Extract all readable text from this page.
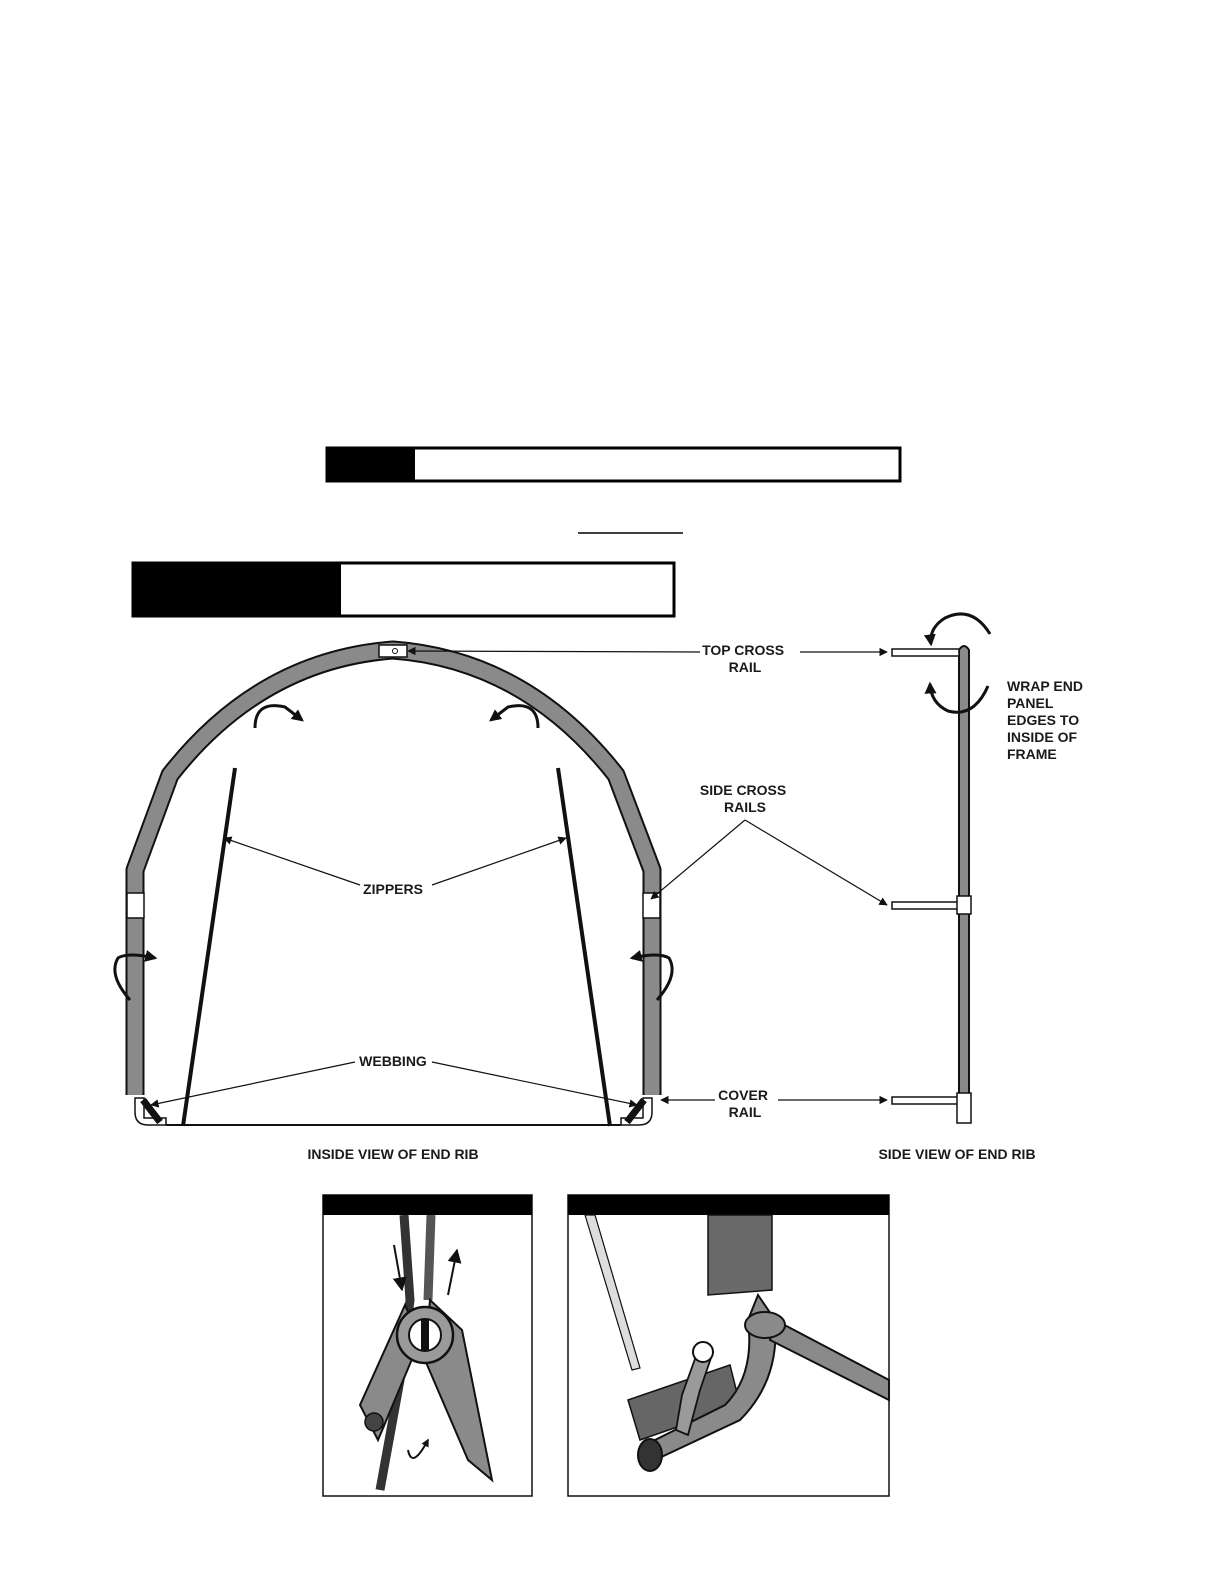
TOP CROSS RAIL
WRAP END PANEL EDGES TO INSIDE OF FRAME
SIDE CROSS RAILS
ZIPPERS
WEBBING
COVER RAIL
INSIDE VIEW OF END RIB	SIDE VIEW OF END RIB
